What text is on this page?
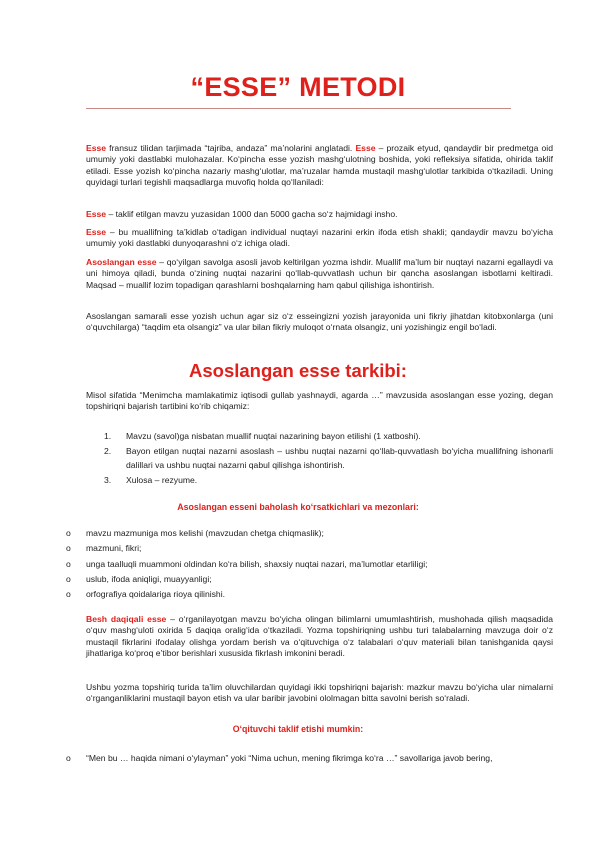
“ESSE” METODI
Esse fransuz tilidan tarjimada “tajriba, andaza” ma’nolarini anglatadi. Esse – prozaik etyud, qandaydir bir predmetga oid umumiy yoki dastlabki mulohazalar. Ko‘pincha esse yozish mashg‘ulotning boshida, yoki refleksiya sifatida, ohirida taklif etiladi. Esse yozish ko‘pincha nazariy mashg‘ulotlar, ma’ruzalar hamda mustaqil mashg‘ulotlar tarkibida o‘tkaziladi. Uning quyidagi turlari tegishli maqsadlarga muvofiq holda qo‘llaniladi:
Esse – taklif etilgan mavzu yuzasidan 1000 dan 5000 gacha so‘z hajmidagi insho.
Esse – bu muallifning ta’kidlab o‘tadigan individual nuqtayi nazarini erkin ifoda etish shakli; qandaydir mavzu bo‘yicha umumiy yoki dastlabki dunyoqarashni o‘z ichiga oladi.
Asoslangan esse – qo‘yilgan savolga asosli javob keltirilgan yozma ishdir. Muallif ma’lum bir nuqtayi nazarni egallaydi va uni himoya qiladi, bunda o‘zining nuqtai nazarini qo‘llab-quvvatlash uchun bir qancha asoslangan isbotlarni keltiradi. Maqsad – muallif lozim topadigan qarashlarni boshqalarning ham qabul qilishiga ishontirish.
Asoslangan samarali esse yozish uchun agar siz o‘z esseingizni yozish jarayonida uni fikriy jihatdan kitobxonlarga (uni o‘quvchilarga) “taqdim eta olsangiz” va ular bilan fikriy muloqot o‘rnata olsangiz, uni yozishingiz engil bo‘ladi.
Asoslangan esse tarkibi:
Misol sifatida “Menimcha mamlakatimiz iqtisodi gullab yashnaydi, agarda …” mavzusida asoslangan esse yozing, degan topshiriqni bajarish tartibini ko‘rib chiqamiz:
1. Mavzu (savol)ga nisbatan muallif nuqtai nazarining bayon etilishi (1 xatboshi).
2. Bayon etilgan nuqtai nazarni asoslash – ushbu nuqtai nazarni qo‘llab-quvvatlash bo‘yicha muallifning ishonarli dalillari va ushbu nuqtai nazarni qabul qilishga ishontirish.
3. Xulosa – rezyume.
Asoslangan esseni baholash ko‘rsatkichlari va mezonlari:
o mavzu mazmuniga mos kelishi (mavzudan chetga chiqmaslik);
o mazmuni, fikri;
o unga taalluqli muammoni oldindan ko‘ra bilish, shaxsiy nuqtai nazari, ma’lumotlar etarliligi;
o uslub, ifoda aniqligi, muayyanligi;
o orfografiya qoidalariga rioya qilinishi.
Besh daqiqali esse – o‘rganilayotgan mavzu bo‘yicha olingan bilimlarni umumlashtirish, mushohada qilish maqsadida o‘quv mashg‘uloti oxirida 5 daqiqa oralig‘ida o‘tkaziladi. Yozma topshiriqning ushbu turi talabalarning mavzuga doir o‘z mustaqil fikrlarini ifodalay olishga yordam berish va o‘qituvchiga o‘z talabalari o‘quv materiali bilan tanishganida qaysi jihatlariga ko‘proq e’tibor berishlari xususida fikrlash imkonini beradi.
Ushbu yozma topshiriq turida ta’lim oluvchilardan quyidagi ikki topshiriqni bajarish: mazkur mavzu bo‘yicha ular nimalarni o‘rganganliklarini mustaqil bayon etish va ular baribir javobini ololmagan bitta savolni berish so‘raladi.
O‘qituvchi taklif etishi mumkin:
o “Men bu … haqida nimani o‘ylayman” yoki “Nima uchun, mening fikrimga ko‘ra …” savollariga javob bering,
